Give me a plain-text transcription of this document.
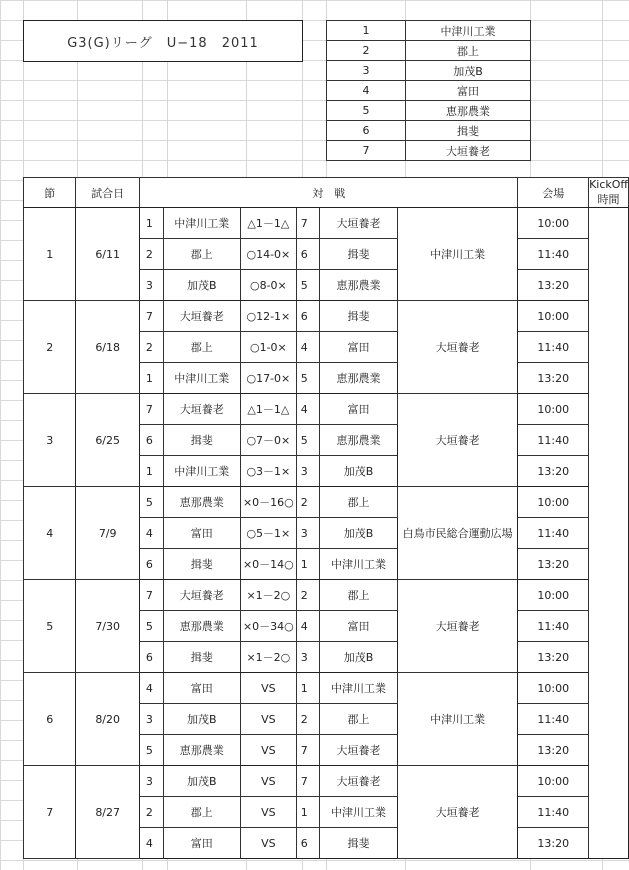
G3(G)リーグ　U−18　2011
1	中津川工業
2	郡上
3	加茂B
4	富田
5	恵那農業
6	揖斐
7	大垣養老
節	試合日	対　戦						会場	KickOff時間
1	6/11	1	中津川工業	△1－1△	7	大垣養老	中津川工業	10:00	
		2	郡上	○14-0×	6	揖斐		11:40	
		3	加茂B	○8-0×	5	恵那農業		13:20	
2	6/18	7	大垣養老	○12-1×	6	揖斐	大垣養老	10:00	
		2	郡上	○1-0×	4	富田		11:40	
		1	中津川工業	○17-0×	5	恵那農業		13:20	
3	6/25	7	大垣養老	△1－1△	4	富田	大垣養老	10:00	
		6	揖斐	○7－0×	5	恵那農業		11:40	
		1	中津川工業	○3－1×	3	加茂B		13:20	
4	7/9	5	恵那農業	×0－16○	2	郡上	白鳥市民総合運動広場	10:00	
		4	富田	○5－1×	3	加茂B		11:40	
		6	揖斐	×0－14○	1	中津川工業		13:20	
5	7/30	7	大垣養老	×1－2○	2	郡上	大垣養老	10:00	
		5	恵那農業	×0－34○	4	富田		11:40	
		6	揖斐	×1－2○	3	加茂B		13:20	
6	8/20	4	富田	VS	1	中津川工業	中津川工業	10:00	
		3	加茂B	VS	2	郡上		11:40	
		5	恵那農業	VS	7	大垣養老		13:20	
7	8/27	3	加茂B	VS	7	大垣養老	大垣養老	10:00	
		2	郡上	VS	1	中津川工業		11:40	
		4	富田	VS	6	揖斐		13:20	
